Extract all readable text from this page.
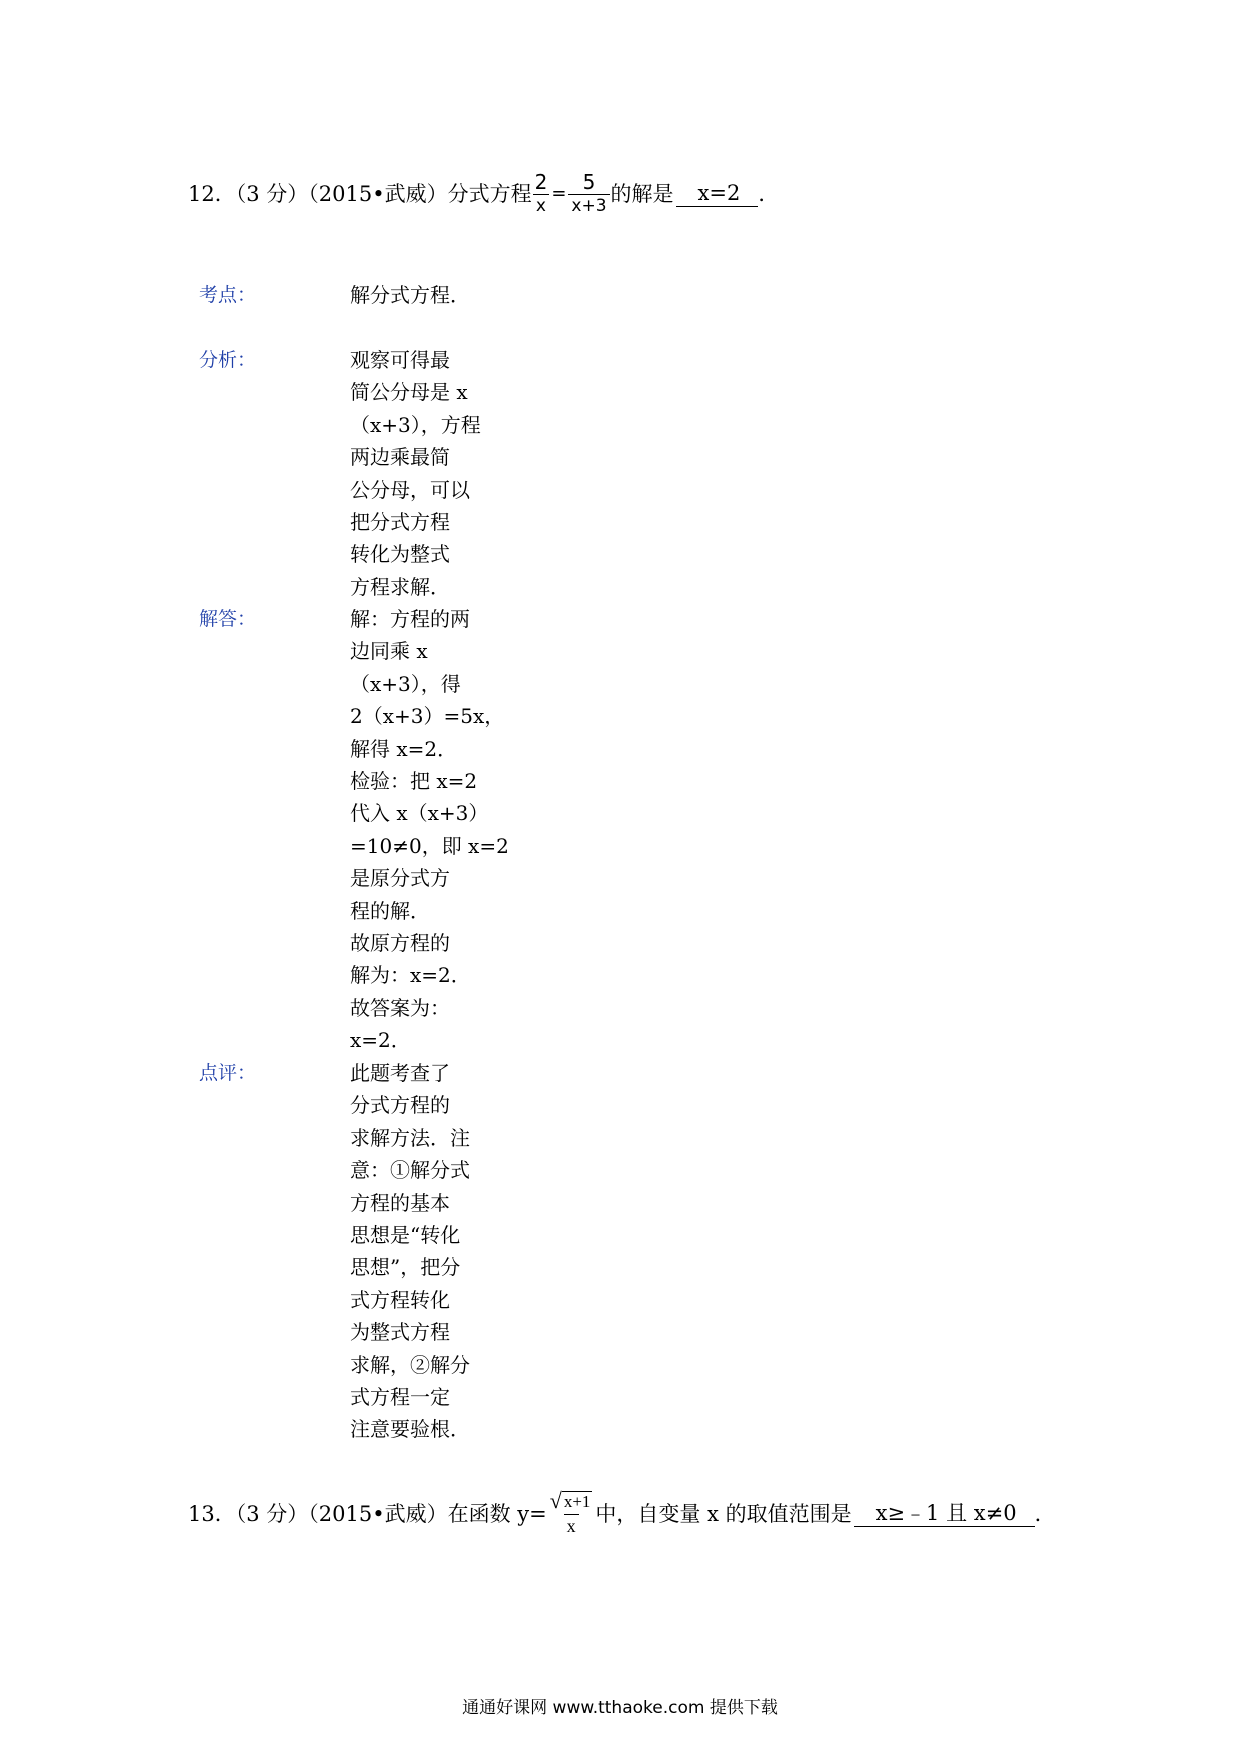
12．（3 分）（2015•武威）分式方程 $\frac{2}{x} = \frac{5}{x+3}$ 的解是	x=2 ．
考点：	解分式方程．
分析：	观察可得最
简公分母是 x
（x+3），方程
两边乘最简
公分母，可以
把分式方程
转化为整式
方程求解．
解答：	解：方程的两
边同乘 x
（x+3），得
2（x+3）=5x，
解得 x=2．
检验：把 x=2
代入 x（x+3）
=10≠0，即 x=2
是原分式方
程的解．
故原方程的
解为：x=2．
故答案为：
x=2．
点评：	此题考查了
分式方程的
求解方法．注
意：①解分式
方程的基本
思想是“转化
思想”，把分
式方程转化
为整式方程
求解，②解分
式方程一定
注意要验根．
13．（3 分）（2015•武威）在函数 $y= \frac{√ x+1}{x}$ 中，自变量 x 的取值范围是	x≥﹣1 且 x≠0 ．
通通好课网 www.tthaoke.com 提供下载
